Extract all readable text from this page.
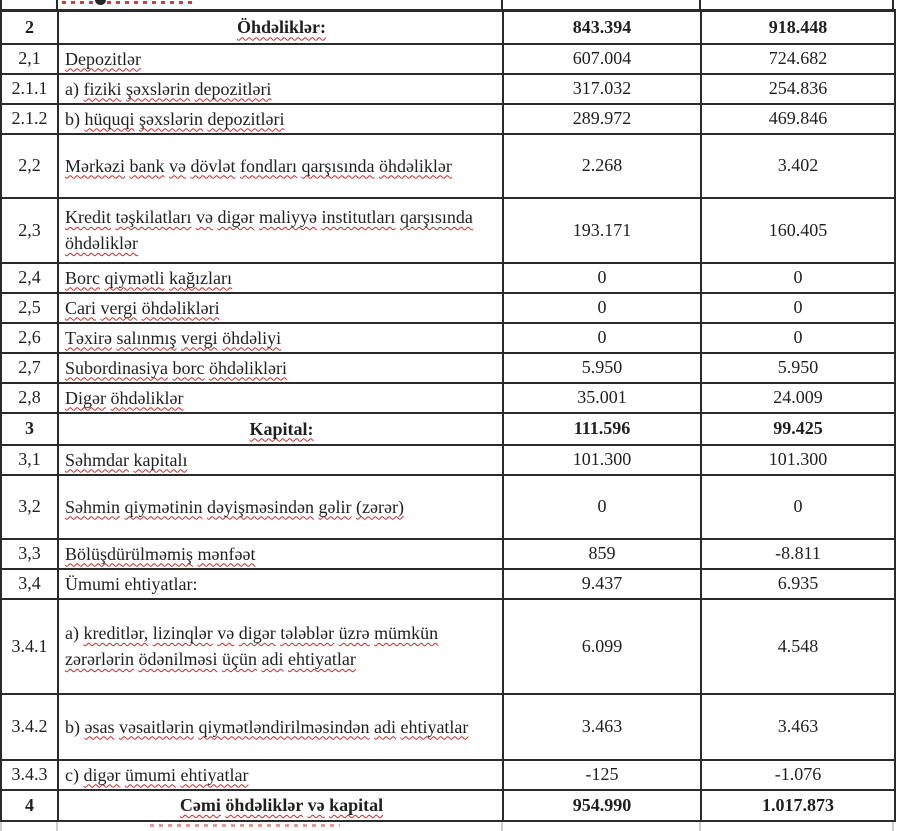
2	Öhdəliklər:	843.394	918.448
2,1	Depozitlər	607.004	724.682
2.1.1	a) fiziki şəxslərin depozitləri	317.032	254.836
2.1.2	b) hüquqi şəxslərin depozitləri	289.972	469.846
2,2	Mərkəzi bank və dövlət fondları qarşısında öhdəliklər	2.268	3.402
2,3	Kredit təşkilatları və digər maliyyə institutları qarşısında öhdəliklər	193.171	160.405
2,4	Borc qiymətli kağızları	0	0
2,5	Cari vergi öhdəlikləri	0	0
2,6	Təxirə salınmış vergi öhdəliyi	0	0
2,7	Subordinasiya borc öhdəlikləri	5.950	5.950
2,8	Digər öhdəliklər	35.001	24.009
3	Kapital:	111.596	99.425
3,1	Səhmdar kapitalı	101.300	101.300
3,2	Səhmin qiymətinin dəyişməsindən gəlir (zərər)	0	0
3,3	Bölüşdürülməmiş mənfəət	859	-8.811
3,4	Ümumi ehtiyatlar:	9.437	6.935
3.4.1	a) kreditlər, lizinqlər və digər tələblər üzrə mümkün zərərlərin ödənilməsi üçün adi ehtiyatlar	6.099	4.548
3.4.2	b) əsas vəsaitlərin qiymətləndirilməsindən adi ehtiyatlar	3.463	3.463
3.4.3	c) digər ümumi ehtiyatlar	-125	-1.076
4	Cəmi öhdəliklər və kapital	954.990	1.017.873
